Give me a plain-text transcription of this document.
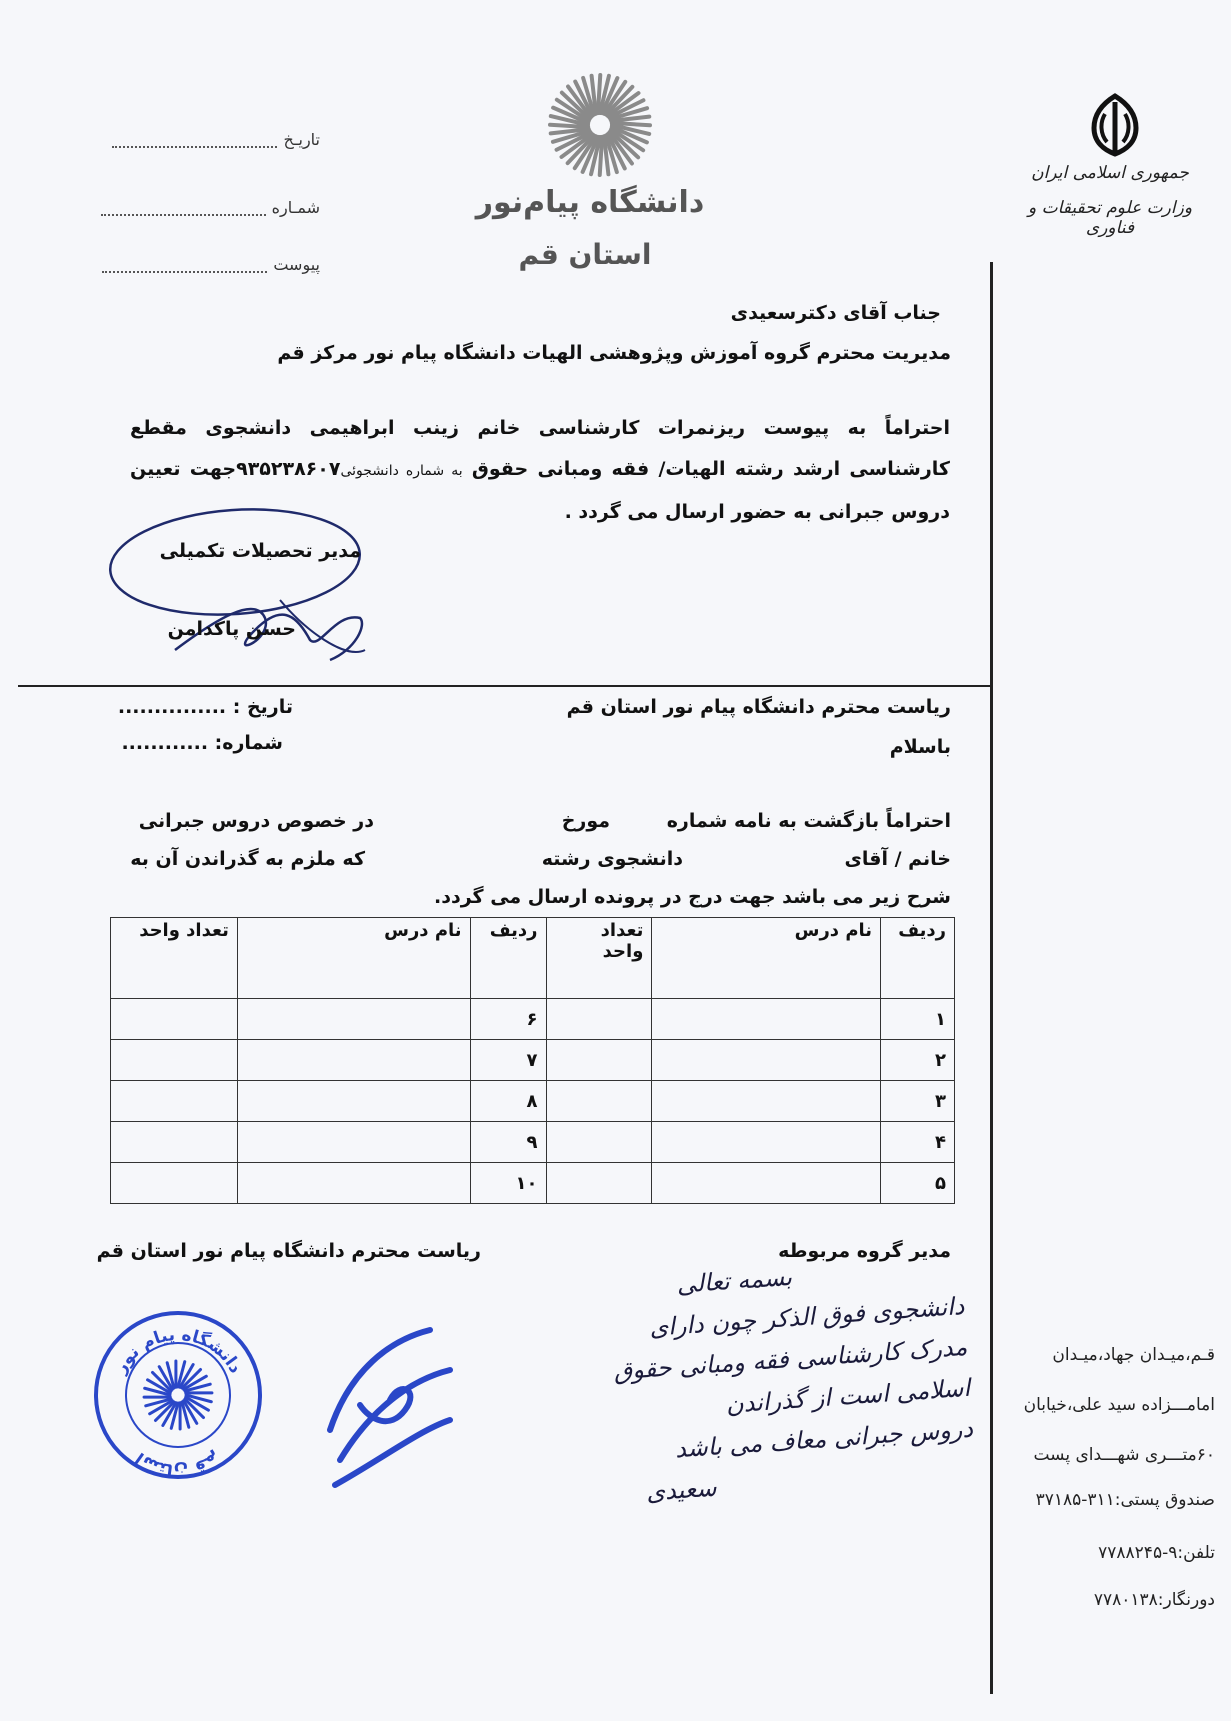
تاریـخ
شمـاره
پیوست
دانشگاه پیام‌نور
استان قم
جمهوری اسلامی ایران
وزارت علوم تحقیقات و فناوری
جناب آقای دکترسعیدی
مدیریت محترم گروه آموزش وپژوهشی الهیات دانشگاه پیام نور مرکز قم
احتراماً به پیوست ریزنمرات کارشناسی خانم زینب ابراهیمی دانشجوی مقطع کارشناسی ارشد رشته الهیات/ فقه ومبانی حقوق به شماره دانشجوئی۹۳۵۲۳۸۶۰۷جهت تعیین دروس جبرانی به حضور ارسال می گردد .
مدیر تحصیلات تکمیلی
حسن پاکدامن
ریاست محترم دانشگاه پیام نور استان قم
باسلام
تاریخ : ...............
شماره: ............
احتراماً بازگشت به نامه شماره
مورخ
در خصوص دروس جبرانی
خانم / آقای
دانشجوی رشته
که ملزم به گذراندن آن به
شرح زیر می باشد جهت درج در پرونده ارسال می گردد.
ردیف	نام درس	تعداد واحد	ردیف	نام درس	تعداد واحد
۱			۶		
۲			۷		
۳			۸		
۴			۹		
۵			۱۰		
مدیر گروه مربوطه
ریاست محترم دانشگاه پیام نور استان قم
بسمه تعالی
دانشجوی فوق الذکر چون دارای
مدرک کارشناسی فقه ومبانی حقوق
اسلامی است از گذراندن
دروس جبرانی معاف می باشد
سعیدی
دانشگاه پیام نور
استان قم
قـم،میـدان جهاد،میـدان
امامـــزاده سید علی،خیابان
۶۰متـــری شهـــدای پست
صندوق پستی:۳۱۱-۳۷۱۸۵
تلفن:۹-۷۷۸۸۲۴۵
دورنگار:۷۷۸۰۱۳۸
